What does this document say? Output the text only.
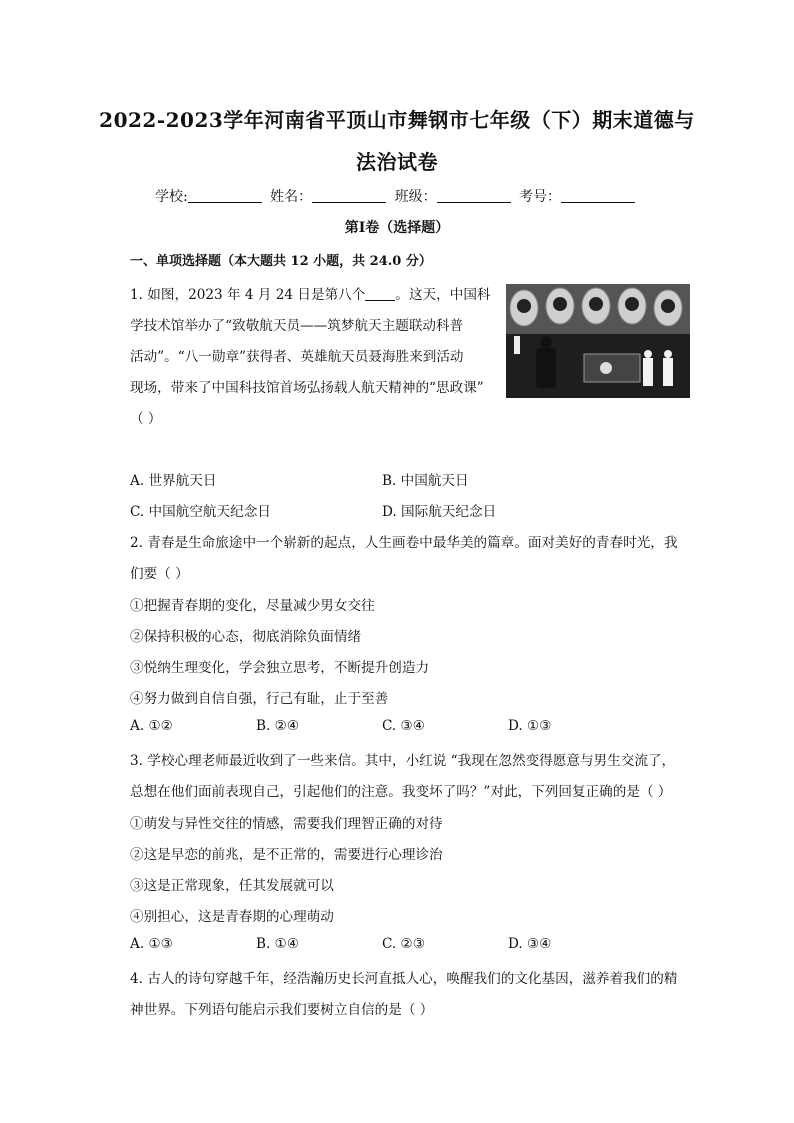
2022-2023学年河南省平顶山市舞钢市七年级（下）期末道德与
法治试卷
学校:	姓名：	班级：	考号：
第Ⅰ卷（选择题）
一、单项选择题（本大题共 12 小题，共 24.0 分）
1. 如图，2023 年 4 月 24 日是第八个 。这天，中国科
学技术馆举办了“致敬航天员——筑梦航天主题联动科普
活动”。“八一勋章”获得者、英雄航天员聂海胜来到活动
现场，带来了中国科技馆首场弘扬载人航天精神的“思政课”
（ ）
A. 世界航天日	B. 中国航天日
C. 中国航空航天纪念日	D. 国际航天纪念日
2. 青春是生命旅途中一个崭新的起点，人生画卷中最华美的篇章。面对美好的青春时光，我
们要（ ）
①把握青春期的变化，尽量减少男女交往
②保持积极的心态，彻底消除负面情绪
③悦纳生理变化，学会独立思考，不断提升创造力
④努力做到自信自强，行己有耻，止于至善
A. ①②	B. ②④	C. ③④	D. ①③
3. 学校心理老师最近收到了一些来信。其中，小红说 “我现在忽然变得愿意与男生交流了，
总想在他们面前表现自己，引起他们的注意。我变坏了吗？”对此，下列回复正确的是（ ）
①萌发与异性交往的情感，需要我们理智正确的对待
②这是早恋的前兆，是不正常的，需要进行心理诊治
③这是正常现象，任其发展就可以
④别担心，这是青春期的心理萌动
A. ①③	B. ①④	C. ②③	D. ③④
4. 古人的诗句穿越千年，经浩瀚历史长河直抵人心，唤醒我们的文化基因，滋养着我们的精
神世界。下列语句能启示我们要树立自信的是（ ）
